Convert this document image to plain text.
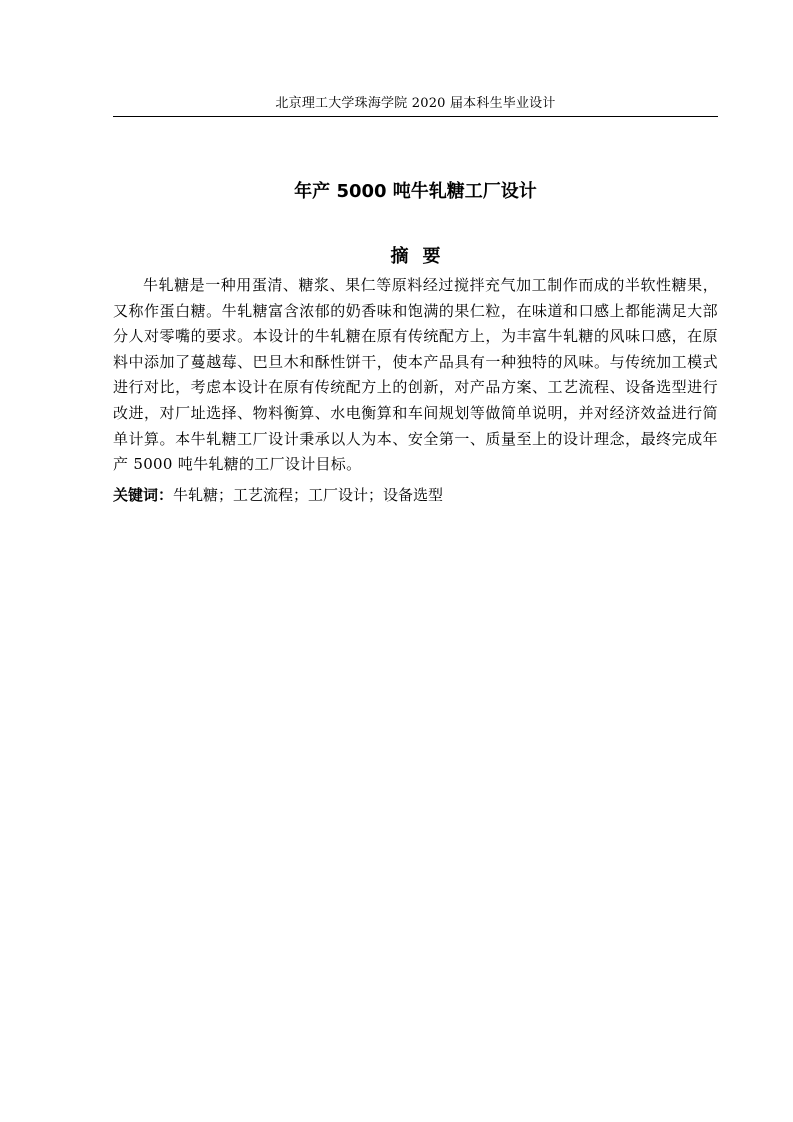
北京理工大学珠海学院 2020 届本科生毕业设计
年产 5000 吨牛轧糖工厂设计
摘要

牛轧糖是一种用蛋清、糖浆、果仁等原料经过搅拌充气加工制作而成的半软性糖果，又称作蛋白糖。牛轧糖富含浓郁的奶香味和饱满的果仁粒，在味道和口感上都能满足大部分人对零嘴的要求。本设计的牛轧糖在原有传统配方上，为丰富牛轧糖的风味口感，在原料中添加了蔓越莓、巴旦木和酥性饼干，使本产品具有一种独特的风味。与传统加工模式进行对比，考虑本设计在原有传统配方上的创新，对产品方案、工艺流程、设备选型进行改进，对厂址选择、物料衡算、水电衡算和车间规划等做简单说明，并对经济效益进行简单计算。本牛轧糖工厂设计秉承以人为本、安全第一、质量至上的设计理念，最终完成年产 5000 吨牛轧糖的工厂设计目标。

关键词：牛轧糖；工艺流程；工厂设计；设备选型
